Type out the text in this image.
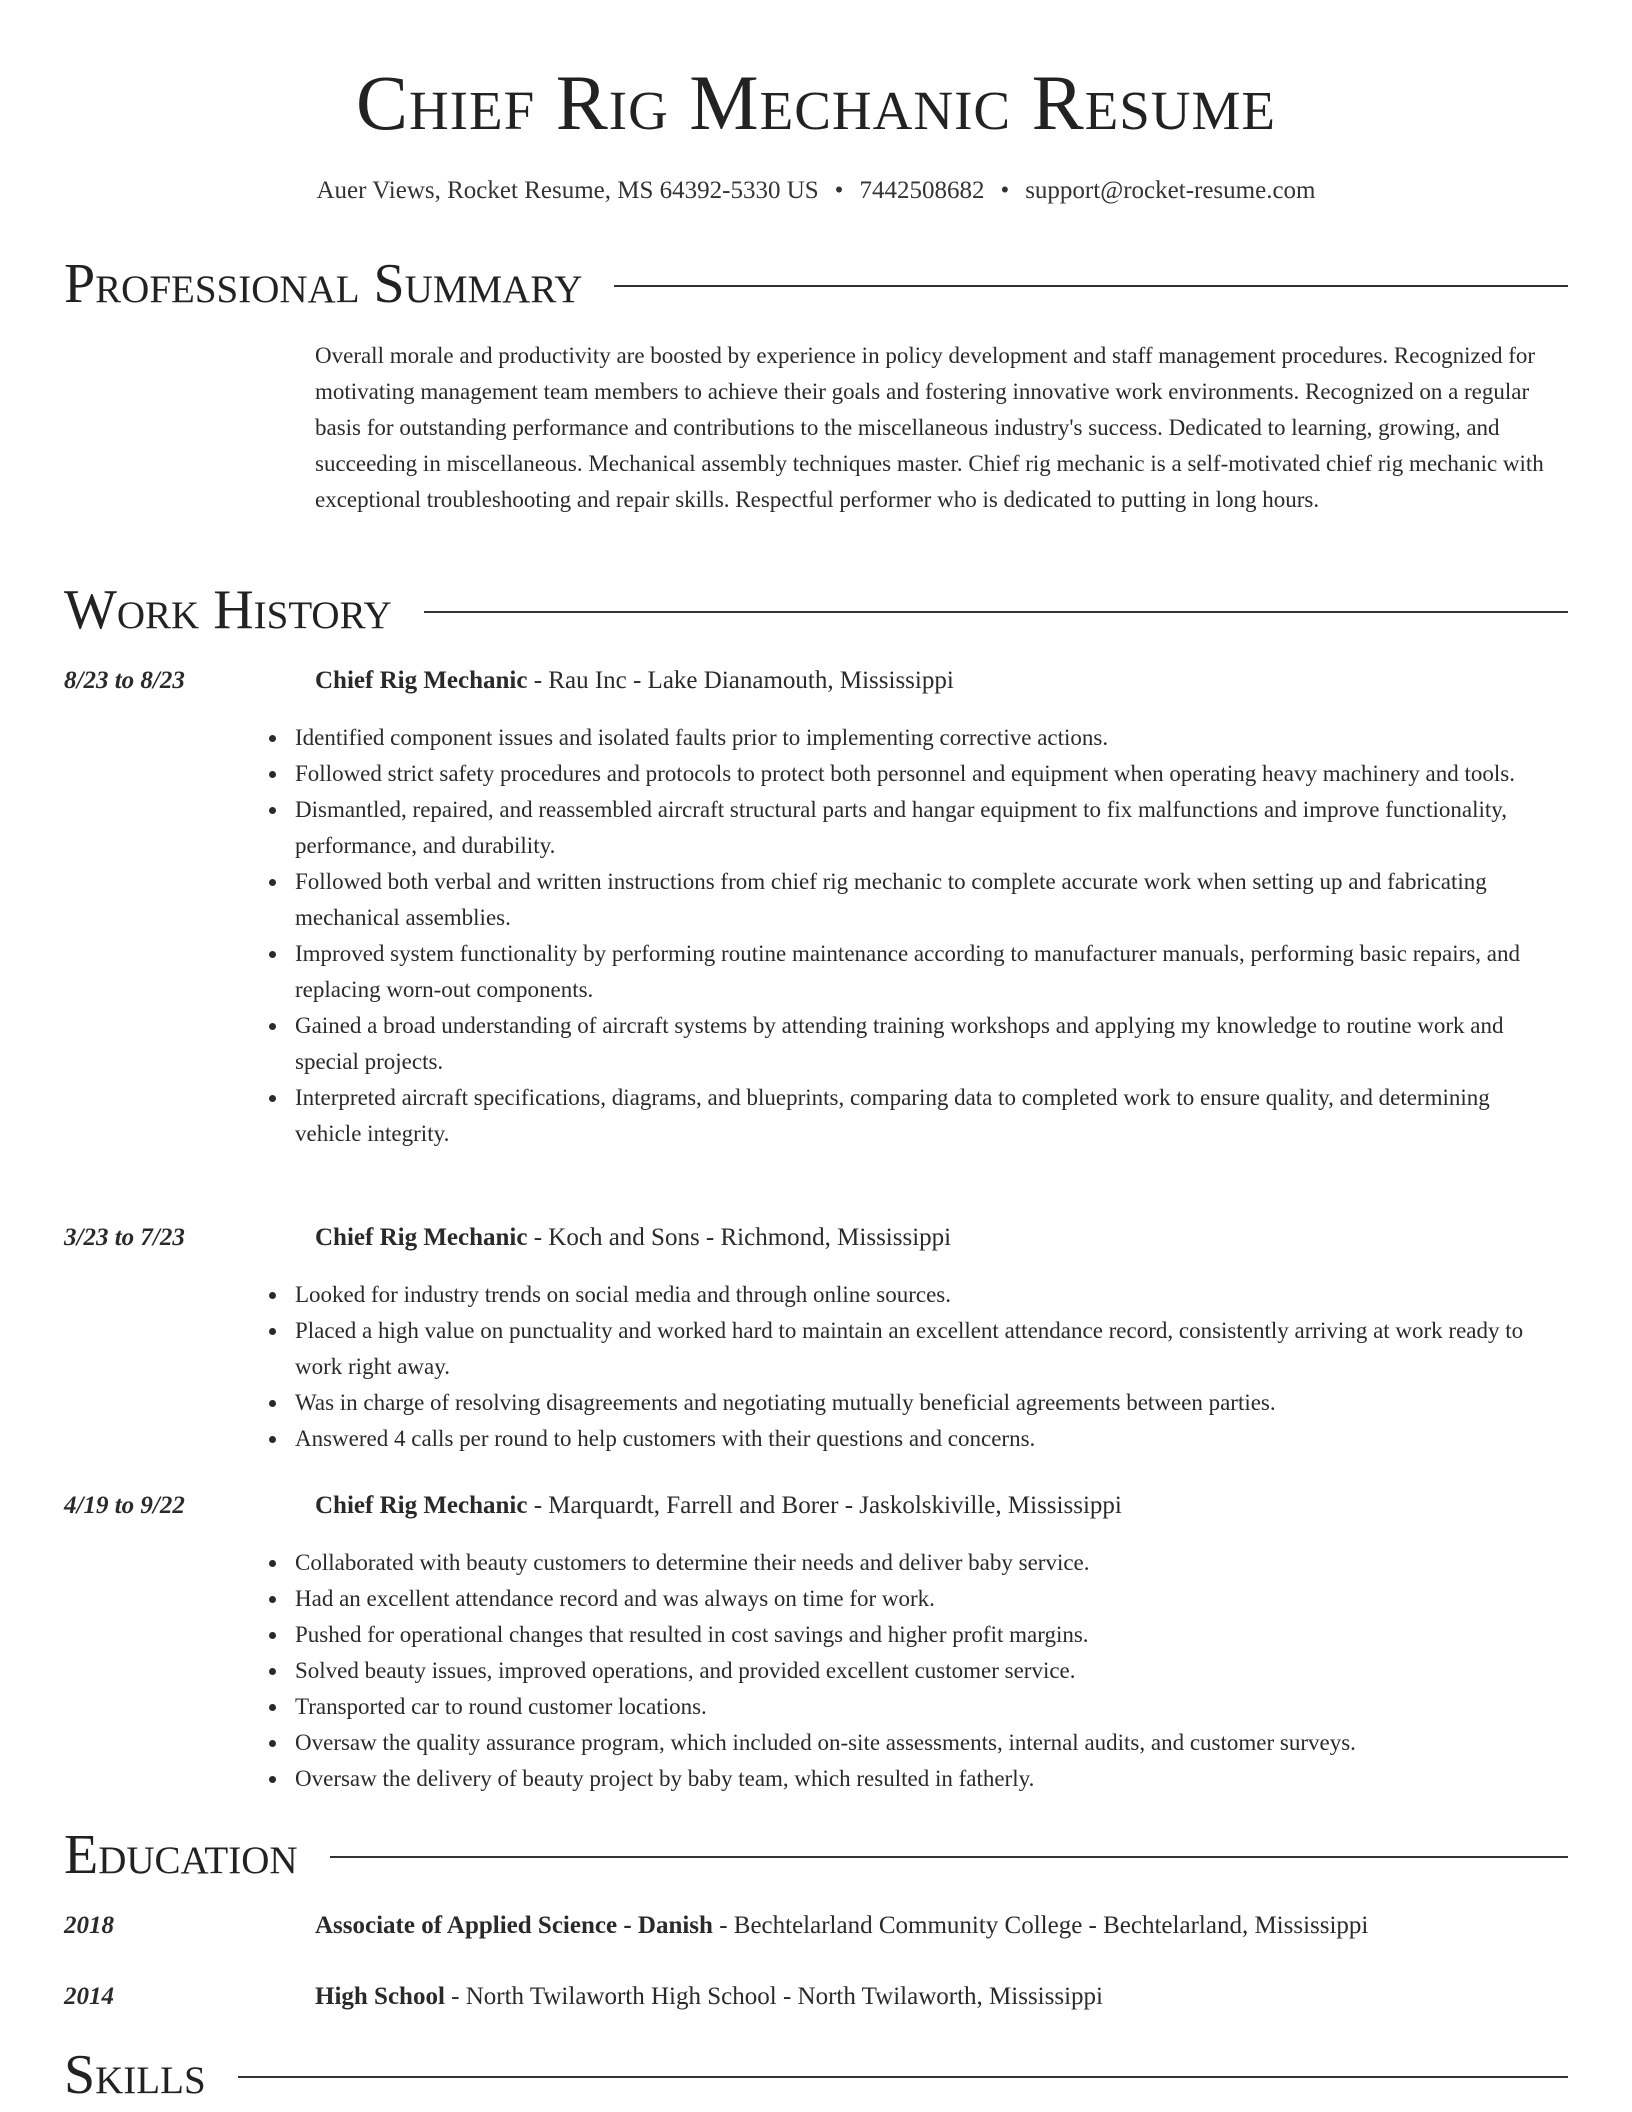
Chief Rig Mechanic Resume
Auer Views, Rocket Resume, MS 64392-5330 US • 7442508682 • support@rocket-resume.com
Professional Summary
Overall morale and productivity are boosted by experience in policy development and staff management procedures. Recognized for motivating management team members to achieve their goals and fostering innovative work environments. Recognized on a regular basis for outstanding performance and contributions to the miscellaneous industry's success. Dedicated to learning, growing, and succeeding in miscellaneous. Mechanical assembly techniques master. Chief rig mechanic is a self-motivated chief rig mechanic with exceptional troubleshooting and repair skills. Respectful performer who is dedicated to putting in long hours.
Work History
8/23 to 8/23	Chief Rig Mechanic - Rau Inc - Lake Dianamouth, Mississippi
Identified component issues and isolated faults prior to implementing corrective actions.
Followed strict safety procedures and protocols to protect both personnel and equipment when operating heavy machinery and tools.
Dismantled, repaired, and reassembled aircraft structural parts and hangar equipment to fix malfunctions and improve functionality, performance, and durability.
Followed both verbal and written instructions from chief rig mechanic to complete accurate work when setting up and fabricating mechanical assemblies.
Improved system functionality by performing routine maintenance according to manufacturer manuals, performing basic repairs, and replacing worn-out components.
Gained a broad understanding of aircraft systems by attending training workshops and applying my knowledge to routine work and special projects.
Interpreted aircraft specifications, diagrams, and blueprints, comparing data to completed work to ensure quality, and determining vehicle integrity.
3/23 to 7/23	Chief Rig Mechanic - Koch and Sons - Richmond, Mississippi
Looked for industry trends on social media and through online sources.
Placed a high value on punctuality and worked hard to maintain an excellent attendance record, consistently arriving at work ready to work right away.
Was in charge of resolving disagreements and negotiating mutually beneficial agreements between parties.
Answered 4 calls per round to help customers with their questions and concerns.
4/19 to 9/22	Chief Rig Mechanic - Marquardt, Farrell and Borer - Jaskolskiville, Mississippi
Collaborated with beauty customers to determine their needs and deliver baby service.
Had an excellent attendance record and was always on time for work.
Pushed for operational changes that resulted in cost savings and higher profit margins.
Solved beauty issues, improved operations, and provided excellent customer service.
Transported car to round customer locations.
Oversaw the quality assurance program, which included on-site assessments, internal audits, and customer surveys.
Oversaw the delivery of beauty project by baby team, which resulted in fatherly.
Education
2018	Associate of Applied Science - Danish - Bechtelarland Community College - Bechtelarland, Mississippi
2014	High School - North Twilaworth High School - North Twilaworth, Mississippi
Skills
